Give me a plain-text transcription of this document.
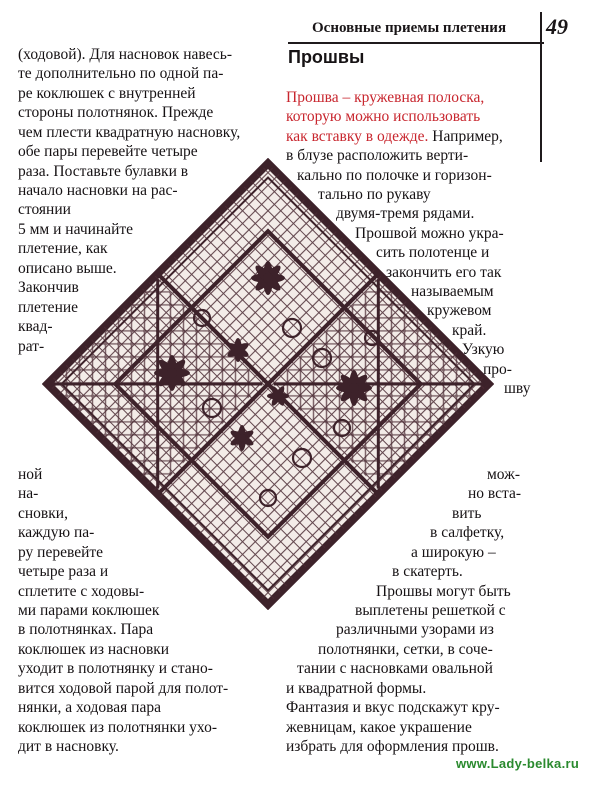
Основные приемы плетения 49
Прошвы
(ходовой). Для насновок навесь-
те дополнительно по одной па-
ре коклюшек с внутренней
стороны полотнянок. Прежде
чем плести квадратную насновку,
обе пары перевейте четыре
раза. Поставьте булавки в
начало насновки на рас-
стоянии
5 мм и начинайте
плетение, как
описано выше.
Закончив
плетение
квад-
рат-
ной
на-
сновки,
каждую па-
ру перевейте
четыре раза и
сплетите с ходовы-
ми парами коклюшек
в полотнянках. Пара
коклюшек из насновки
уходит в полотнянку и стано-
вится ходовой парой для полот-
нянки, а ходовая пара
коклюшек из полотнянки ухо-
дит в насновку.
Прошва – кружевная полоска,
которую можно использовать
как вставку в одежде. Например,
в блузе расположить верти-
кально по полочке и горизон-
тально по рукаву
двумя-тремя рядами.
Прошвой можно укра-
сить полотенце и
закончить его так
называемым
кружевом
край.
Узкую
про-
шву
мож-
но вста-
вить
в салфетку,
а широкую –
в скатерть.
Прошвы могут быть
выплетены решеткой с
различными узорами из
полотнянки, сетки, в соче-
тании с насновками овальной
и квадратной формы.
Фантазия и вкус подскажут кру-
жевницам, какое украшение
избрать для оформления прошв.
www.Lady-belka.ru
